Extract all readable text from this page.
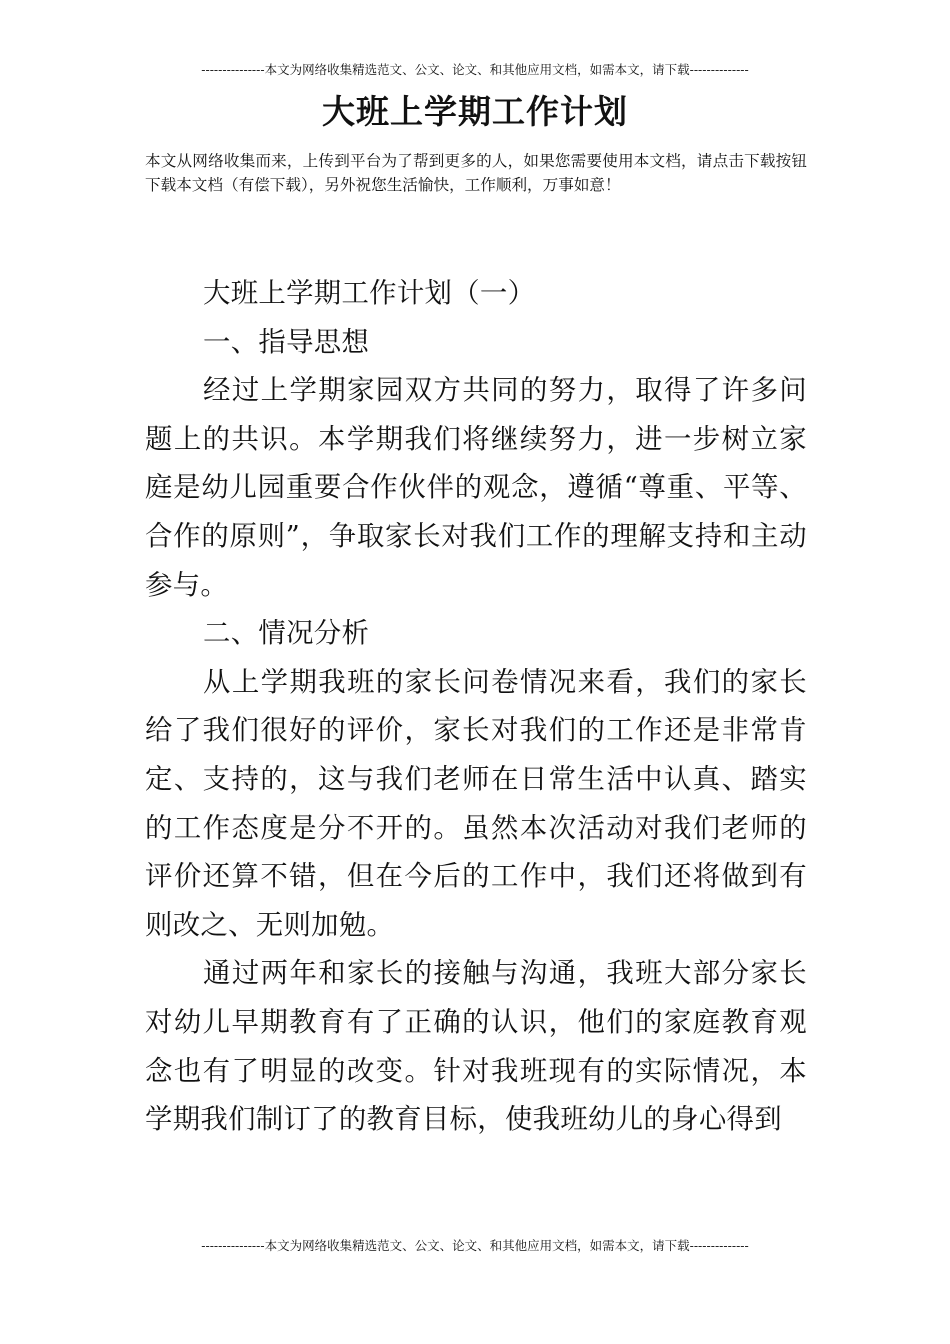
---------------本文为网络收集精选范文、公文、论文、和其他应用文档，如需本文，请下载--------------
大班上学期工作计划

本文从网络收集而来，上传到平台为了帮到更多的人，如果您需要使用本文档，请点击下载按钮下载本文档（有偿下载），另外祝您生活愉快，工作顺利，万事如意！

大班上学期工作计划（一）

一、指导思想

经过上学期家园双方共同的努力，取得了许多问题上的共识。本学期我们将继续努力，进一步树立家庭是幼儿园重要合作伙伴的观念，遵循“尊重、平等、合作的原则”，争取家长对我们工作的理解支持和主动参与。

二、情况分析

从上学期我班的家长问卷情况来看，我们的家长给了我们很好的评价，家长对我们的工作还是非常肯定、支持的，这与我们老师在日常生活中认真、踏实的工作态度是分不开的。虽然本次活动对我们老师的评价还算不错，但在今后的工作中，我们还将做到有则改之、无则加勉。

通过两年和家长的接触与沟通，我班大部分家长对幼儿早期教育有了正确的认识，他们的家庭教育观念也有了明显的改变。针对我班现有的实际情况，本学期我们制订了的教育目标，使我班幼儿的身心得到

---------------本文为网络收集精选范文、公文、论文、和其他应用文档，如需本文，请下载--------------
